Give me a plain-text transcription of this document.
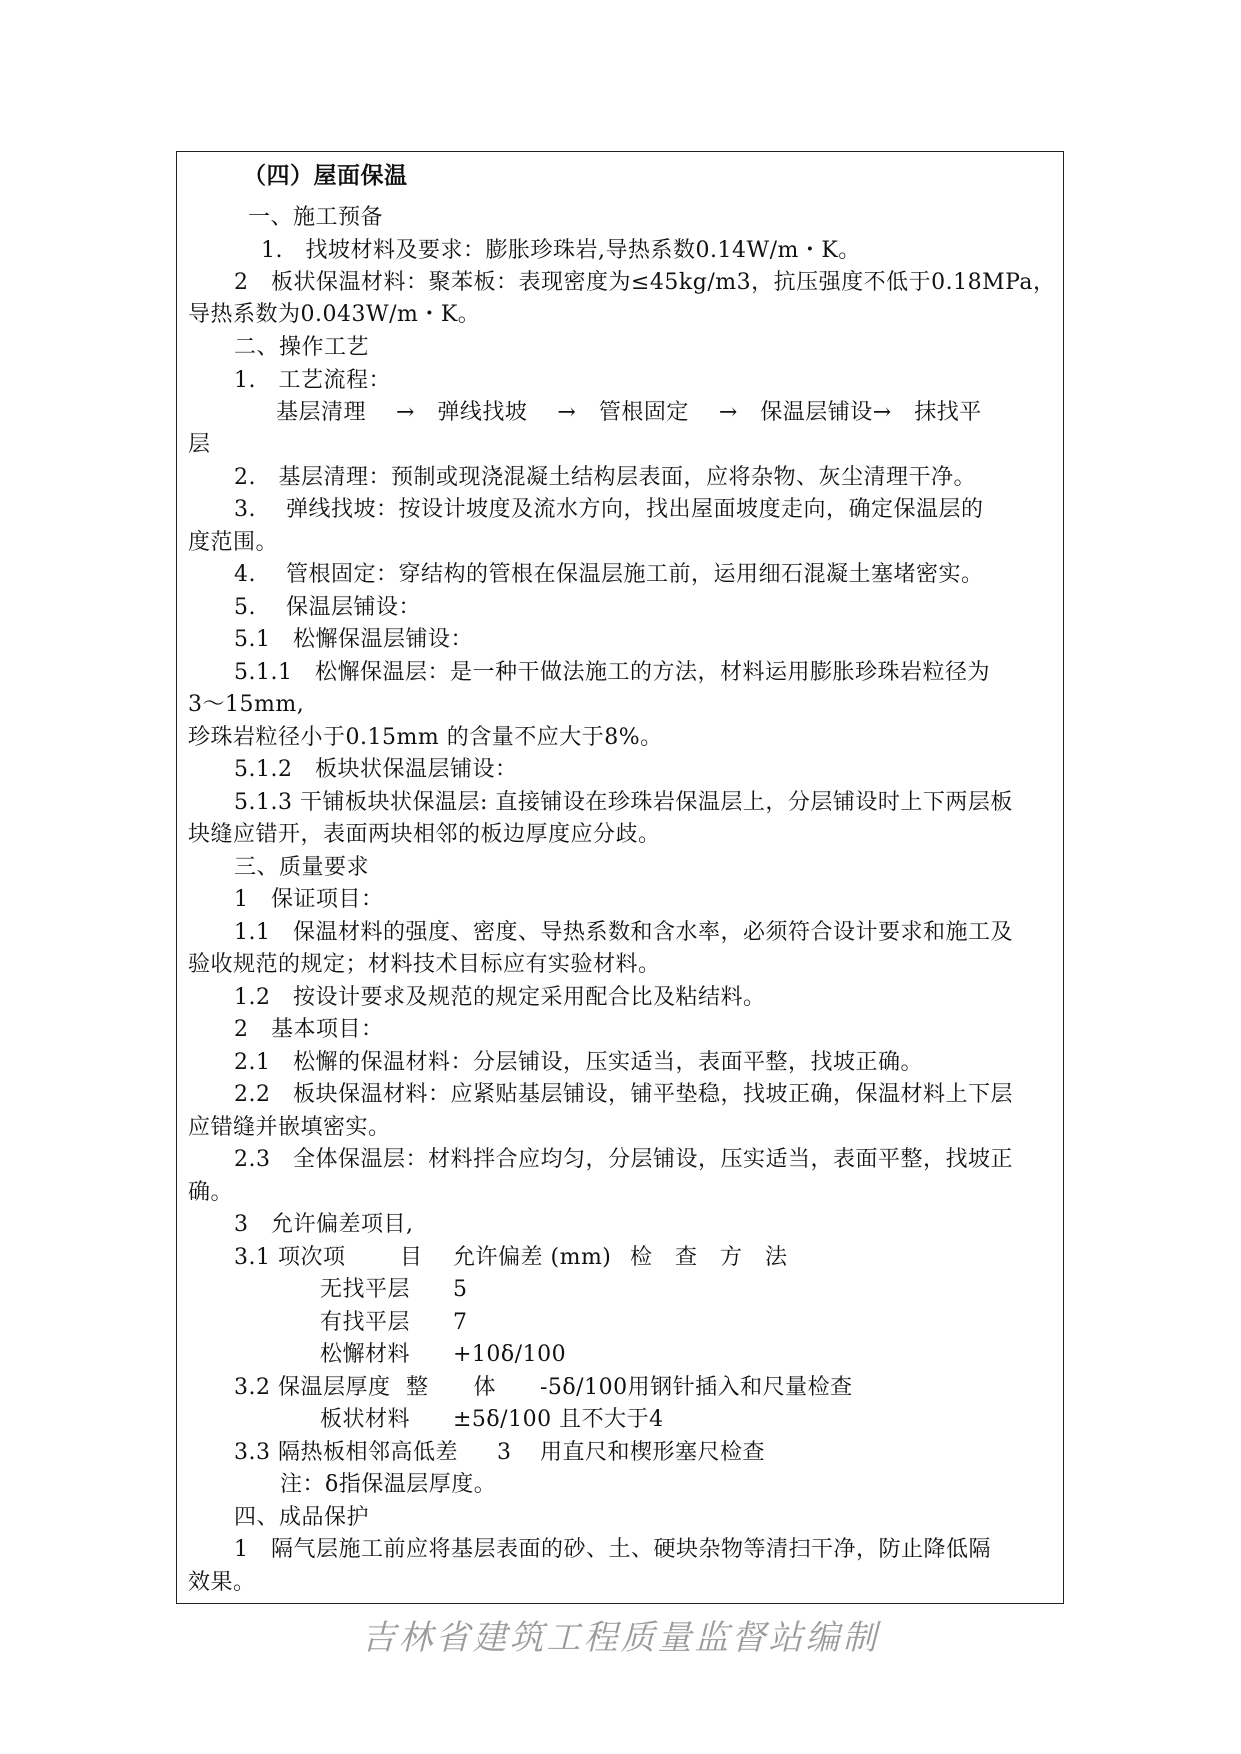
（四）屋面保温
一、施工预备
1.　找坡材料及要求：膨胀珍珠岩,导热系数0.14W/m・K。
2　板状保温材料：聚苯板：表现密度为≤45kg/m3，抗压强度不低于0.18MPa，
导热系数为0.043W/m・K。
二、操作工艺
1.　工艺流程：
基层清理　 →　弹线找坡　 →　管根固定　 →　保温层铺设→　抹找平
层
2.　基层清理：预制或现浇混凝土结构层表面，应将杂物、灰尘清理干净。
3.　 弹线找坡：按设计坡度及流水方向，找出屋面坡度走向，确定保温层的
度范围。
4.　 管根固定：穿结构的管根在保温层施工前，运用细石混凝土塞堵密实。
5.　 保温层铺设：
5.1　松懈保温层铺设：
5.1.1　松懈保温层：是一种干做法施工的方法，材料运用膨胀珍珠岩粒径为
3～15mm,
珍珠岩粒径小于0.15mm 的含量不应大于8%。
5.1.2　板块状保温层铺设：
5.1.3 干铺板块状保温层: 直接铺设在珍珠岩保温层上，分层铺设时上下两层板
块缝应错开，表面两块相邻的板边厚度应分歧。
三、质量要求
1　保证项目：
1.1　保温材料的强度、密度、导热系数和含水率，必须符合设计要求和施工及
验收规范的规定；材料技术目标应有实验材料。
1.2　按设计要求及规范的规定采用配合比及粘结料。
2　基本项目：
2.1　松懈的保温材料：分层铺设，压实适当，表面平整，找坡正确。
2.2　板块保温材料：应紧贴基层铺设，铺平垫稳，找坡正确，保温材料上下层
应错缝并嵌填密实。
2.3　全体保温层：材料拌合应均匀，分层铺设，压实适当，表面平整，找坡正
确。
3　允许偏差项目,
四、成品保护
1　隔气层施工前应将基层表面的砂、土、硬块杂物等清扫干净，防止降低隔
效果。
3.1 项次项 目 允许偏差 (mm) 检　查　方　法
无找平层 5
有找平层 7
松懈材料 +10δ/100
3.2 保温层厚度 整　　体 -5δ/100用钢针插入和尺量检查
板状材料 ±5δ/100 且不大于4
3.3 隔热板相邻高低差 3 用直尺和楔形塞尺检查
注：δ指保温层厚度。
吉林省建筑工程质量监督站编制
